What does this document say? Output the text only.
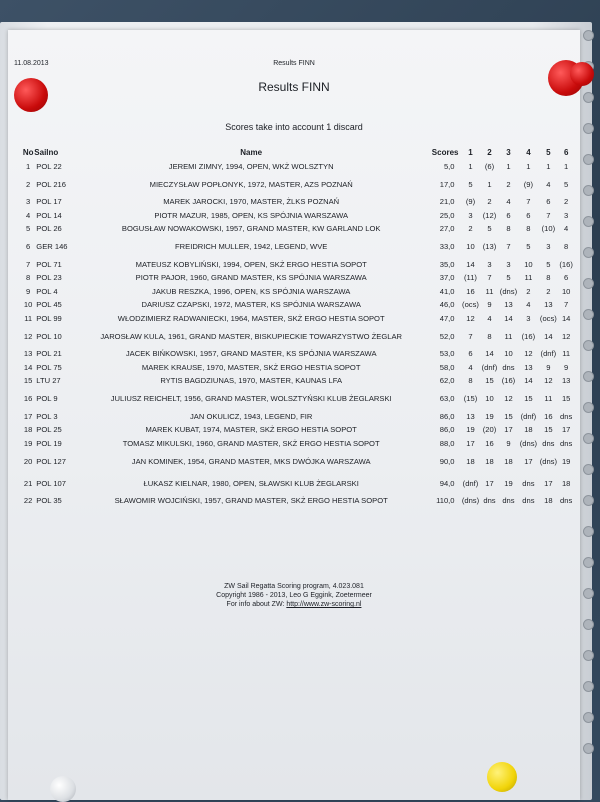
11.08.2013	Results FINN
Results FINN
Scores take into account 1 discard
No	Sailno	Name	Scores	1	2	3	4	5	6
1	POL 22	JEREMI ZIMNY, 1994, OPEN, WKŻ WOLSZTYN	5,0	1	(6)	1	1	1	1
2	POL 216	MIECZYSŁAW POPŁONYK, 1972, MASTER, AZS POZNAŃ	17,0	5	1	2	(9)	4	5
3	POL 17	MAREK JAROCKI, 1970, MASTER, ŻLKS POZNAŃ	21,0	(9)	2	4	7	6	2
4	POL 14	PIOTR MAZUR, 1985, OPEN, KS SPÓJNIA WARSZAWA	25,0	3	(12)	6	6	7	3
5	POL 26	BOGUSŁAW NOWAKOWSKI, 1957, GRAND MASTER, KW GARLAND LOK	27,0	2	5	8	8	(10)	4
6	GER 146	FREIDRICH MULLER, 1942, LEGEND, WVE	33,0	10	(13)	7	5	3	8
7	POL 71	MATEUSZ KOBYLIŃSKI, 1994, OPEN, SKŻ ERGO HESTIA SOPOT	35,0	14	3	3	10	5	(16)
8	POL 23	PIOTR PAJOR, 1960, GRAND MASTER, KS SPÓJNIA WARSZAWA	37,0	(11)	7	5	11	8	6
9	POL 4	JAKUB RESZKA, 1996, OPEN, KS SPÓJNIA WARSZAWA	41,0	16	11	(dns)	2	2	10
10	POL 45	DARIUSZ CZAPSKI, 1972, MASTER, KS SPÓJNIA WARSZAWA	46,0	(ocs)	9	13	4	13	7
11	POL 99	WŁODZIMIERZ RADWANIECKI, 1964, MASTER, SKŻ ERGO HESTIA SOPOT	47,0	12	4	14	3	(ocs)	14
12	POL 10	JAROSŁAW KULA, 1961, GRAND MASTER, BISKUPIECKIE TOWARZYSTWO ŻEGLAR	52,0	7	8	11	(16)	14	12
13	POL 21	JACEK BIŃKOWSKI, 1957, GRAND MASTER, KS SPÓJNIA WARSZAWA	53,0	6	14	10	12	(dnf)	11
14	POL 75	MAREK KRAUSE, 1970, MASTER, SKŻ ERGO HESTIA SOPOT	58,0	4	(dnf)	dns	13	9	9
15	LTU 27	RYTIS BAGDZIUNAS, 1970, MASTER, KAUNAS LFA	62,0	8	15	(16)	14	12	13
16	POL 9	JULIUSZ REICHELT, 1956, GRAND MASTER, WOLSZTYŃSKI KLUB ŻEGLARSKI	63,0	(15)	10	12	15	11	15
17	POL 3	JAN OKULICZ, 1943, LEGEND, FIR	86,0	13	19	15	(dnf)	16	dns
18	POL 25	MAREK KUBAT, 1974, MASTER, SKŻ ERGO HESTIA SOPOT	86,0	19	(20)	17	18	15	17
19	POL 19	TOMASZ MIKULSKI, 1960, GRAND MASTER, SKŻ ERGO HESTIA SOPOT	88,0	17	16	9	(dns)	dns	dns
20	POL 127	JAN KOMINEK, 1954, GRAND MASTER, MKS DWÓJKA WARSZAWA	90,0	18	18	18	17	(dns)	19
21	POL 107	ŁUKASZ KIELNAR, 1980, OPEN, SŁAWSKI KLUB ŻEGLARSKI	94,0	(dnf)	17	19	dns	17	18
22	POL 35	SŁAWOMIR WOJCIŃSKI, 1957, GRAND MASTER, SKŻ ERGO HESTIA SOPOT	110,0	(dns)	dns	dns	dns	18	dns
ZW Sail Regatta Scoring program, 4.023.081
Copyright 1986 - 2013, Leo G Eggink, Zoetermeer
For info about ZW: http://www.zw-scoring.nl
